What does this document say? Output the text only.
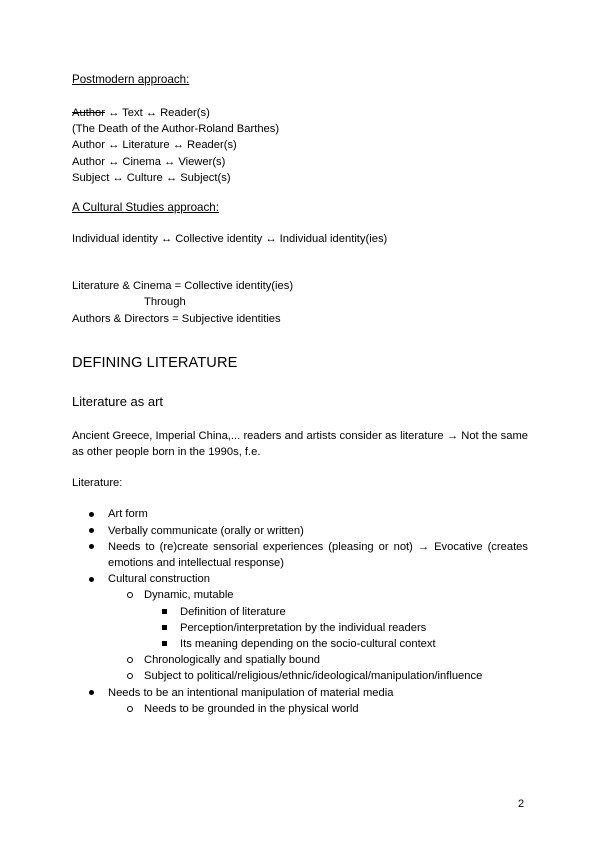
Postmodern approach:
Author ↔ Text ↔ Reader(s)
(The Death of the Author-Roland Barthes)
Author ↔ Literature ↔ Reader(s)
Author ↔ Cinema ↔ Viewer(s)
Subject ↔ Culture ↔ Subject(s)
A Cultural Studies approach:
Individual identity ↔ Collective identity ↔ Individual identity(ies)
Literature & Cinema = Collective identity(ies)
Through
Authors & Directors = Subjective identities
DEFINING LITERATURE
Literature as art
Ancient Greece, Imperial China,... readers and artists consider as literature → Not the same as other people born in the 1990s, f.e.
Literature:
Art form
Verbally communicate (orally or written)
Needs to (re)create sensorial experiences (pleasing or not) → Evocative (creates emotions and intellectual response)
Cultural construction
Dynamic, mutable
Definition of literature
Perception/interpretation by the individual readers
Its meaning depending on the socio-cultural context
Chronologically and spatially bound
Subject to political/religious/ethnic/ideological/manipulation/influence
Needs to be an intentional manipulation of material media
Needs to be grounded in the physical world
2
